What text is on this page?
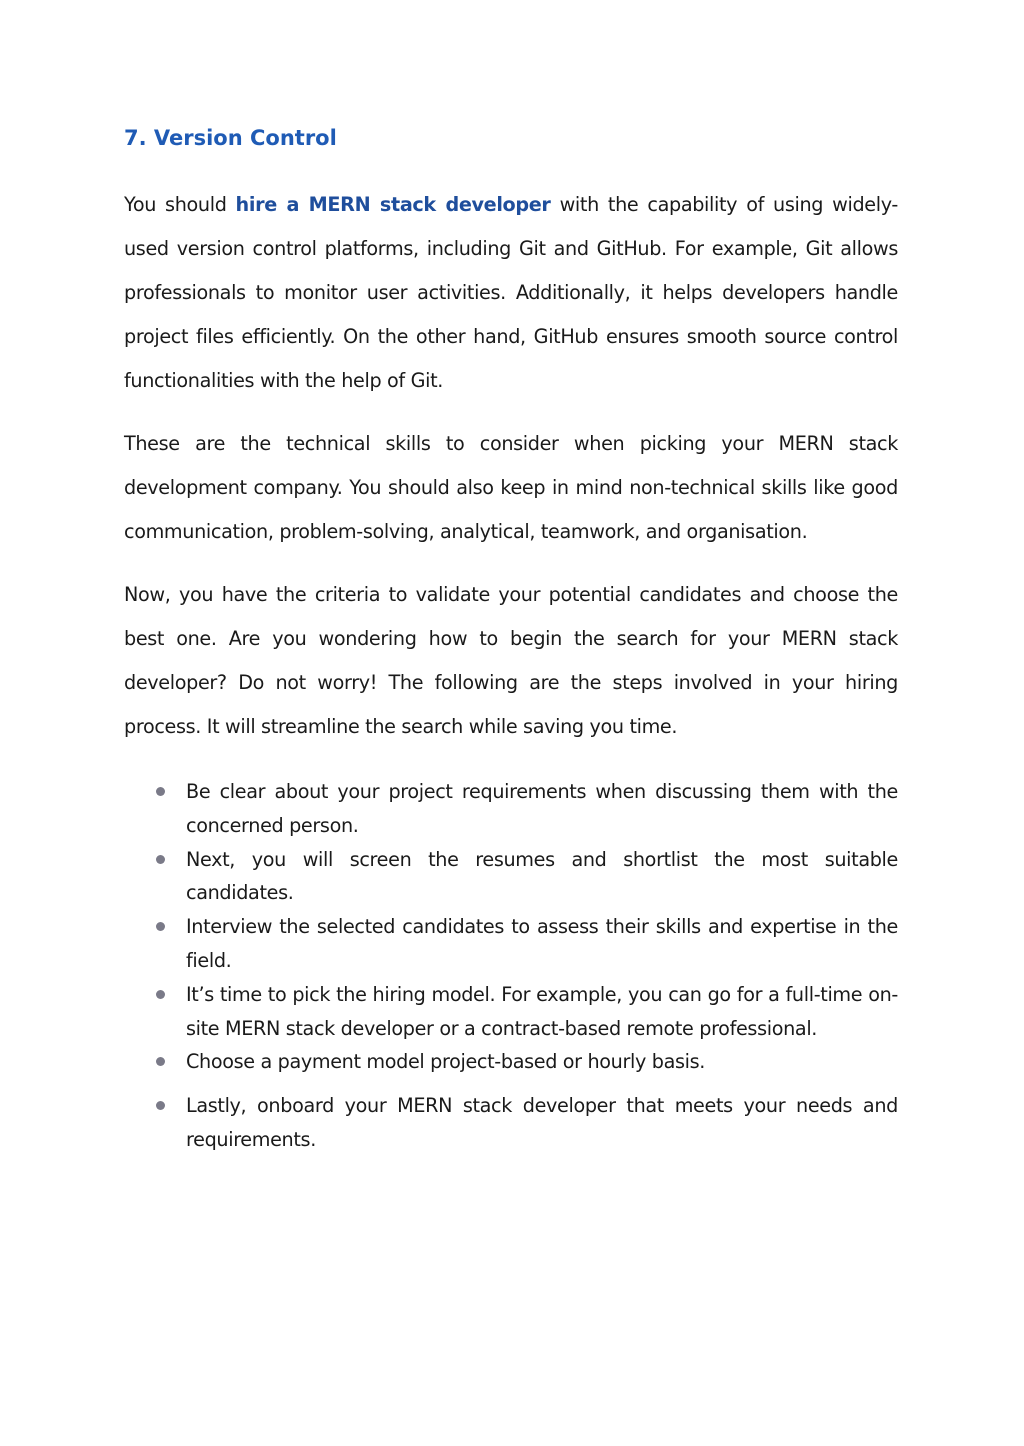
7. Version Control

You should hire a MERN stack developer with the capability of using widely-used version control platforms, including Git and GitHub. For example, Git allows professionals to monitor user activities. Additionally, it helps developers handle project files efficiently. On the other hand, GitHub ensures smooth source control functionalities with the help of Git.

These are the technical skills to consider when picking your MERN stack development company. You should also keep in mind non-technical skills like good communication, problem-solving, analytical, teamwork, and organisation.

Now, you have the criteria to validate your potential candidates and choose the best one. Are you wondering how to begin the search for your MERN stack developer? Do not worry! The following are the steps involved in your hiring process. It will streamline the search while saving you time.

Be clear about your project requirements when discussing them with the concerned person.
Next, you will screen the resumes and shortlist the most suitable candidates.
Interview the selected candidates to assess their skills and expertise in the field.
It’s time to pick the hiring model. For example, you can go for a full-time on-site MERN stack developer or a contract-based remote professional.
Choose a payment model project-based or hourly basis.
Lastly, onboard your MERN stack developer that meets your needs and requirements.
